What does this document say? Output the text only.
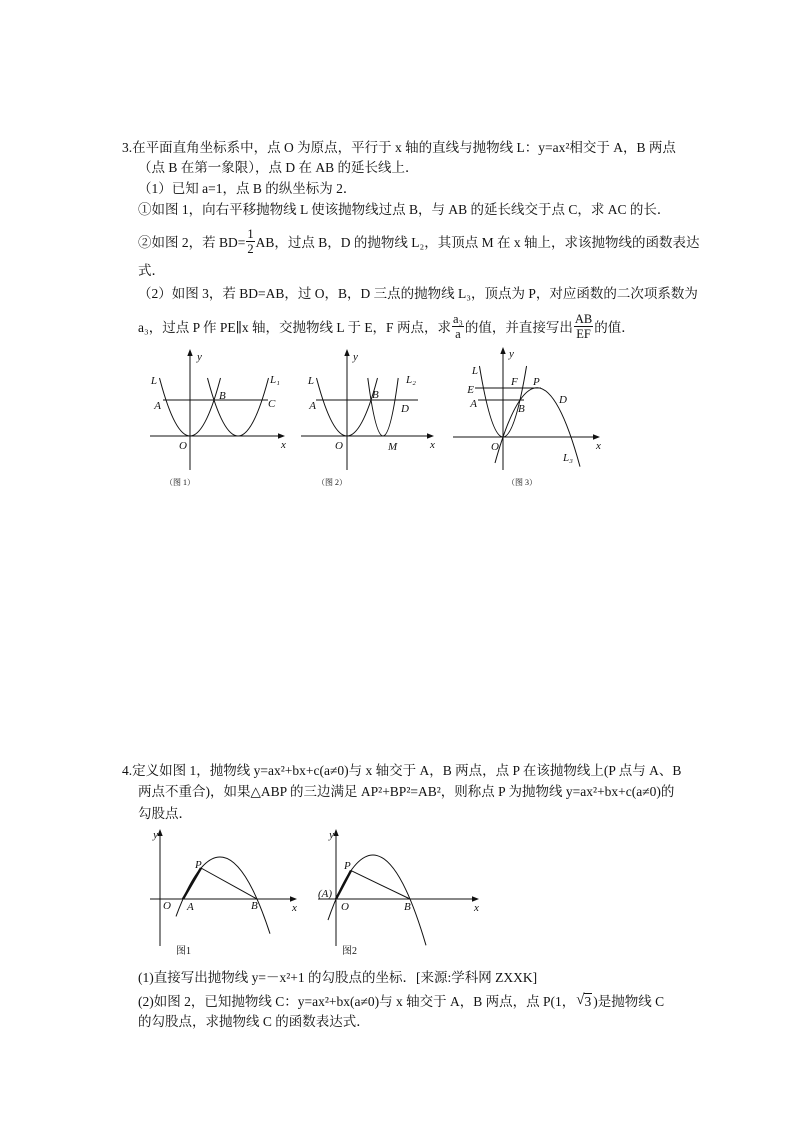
y
x
O
L	L₁
A
B
C
（图 1）
y
x
O
L	L₂
A
B
D
M
（图 2）
y
x
O
L
E
A
F P
B
D
L₃
（图 3）
y
x
O A	B
P
图1
y
x
(A)
O	B
P
图2
3.在平面直角坐标系中，点 O 为原点，平行于 x 轴的直线与抛物线 L：y=ax²相交于 A，B 两点
（点 B 在第一象限），点 D 在 AB 的延长线上．
（1）已知 a=1，点 B 的纵坐标为 2．
①如图 1，向右平移抛物线 L 使该抛物线过点 B，与 AB 的延长线交于点 C，求 AC 的长．
②如图 2，若 $BD= \frac{1}{2}$ AB，过点 B，D 的抛物线 L₂，其顶点 M 在 x 轴上，求该抛物线的函数表达
式．
（2）如图 3，若 BD=AB，过 O，B，D 三点的抛物线 L₃，顶点为 P，对应函数的二次项系数为
a₃，过点 P 作 PE∥x 轴，交抛物线 L 于 E，F 两点，求 $\frac{\text{a₃}}{a}$ 的值，并直接写出 $\frac{AB}{EF}$ 的值．
4.定义如图 1，抛物线 y=ax²+bx+c(a≠0)与 x 轴交于 A，B 两点，点 P 在该抛物线上(P 点与 A、B
两点不重合)，如果△ABP 的三边满足 AP²+BP²=AB²，则称点 P 为抛物线 y=ax²+bx+c(a≠0)的
勾股点．
(1)直接写出抛物线 y=－x²+1 的勾股点的坐标．[来源:学科网 ZXXK]
(2)如图 2，已知抛物线 C：y=ax²+bx(a≠0)与 x 轴交于 A，B 两点，点 P(1， √ 3 )是抛物线 C
的勾股点，求抛物线 C 的函数表达式．
